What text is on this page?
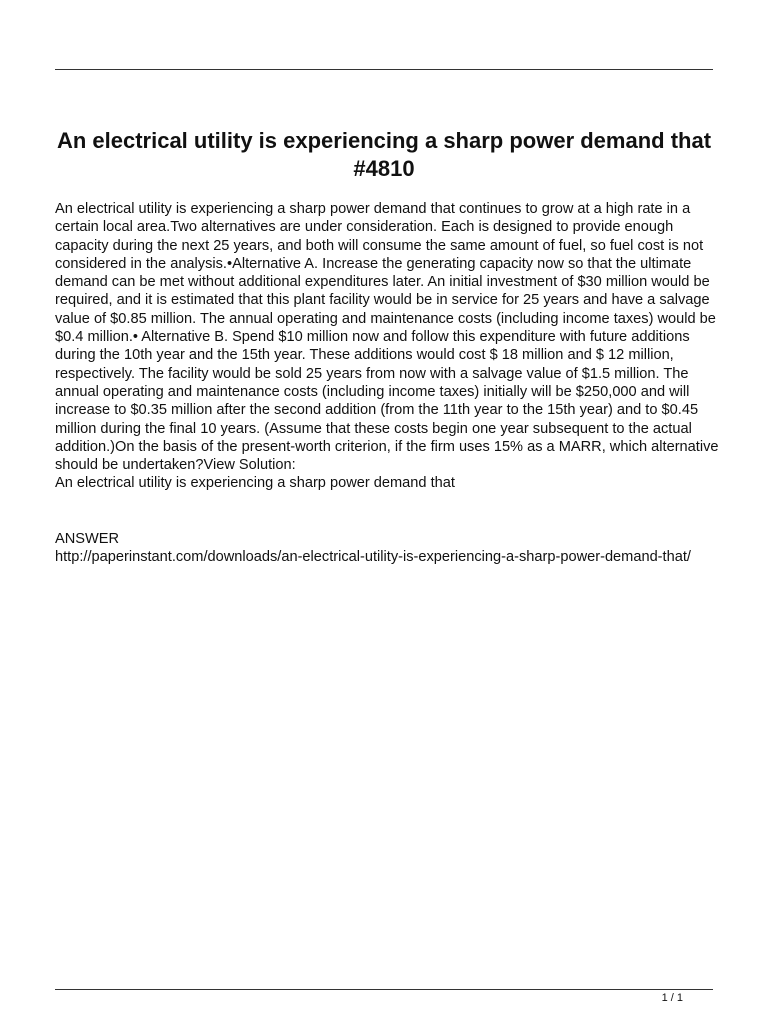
An electrical utility is experiencing a sharp power demand that #4810
An electrical utility is experiencing a sharp power demand that continues to grow at a high rate in a certain local area.Two alternatives are under consideration. Each is designed to provide enough capacity during the next 25 years, and both will consume the same amount of fuel, so fuel cost is not considered in the analysis.•Alternative A. Increase the generating capacity now so that the ultimate demand can be met without additional expenditures later. An initial investment of $30 million would be required, and it is estimated that this plant facility would be in service for 25 years and have a salvage value of $0.85 million. The annual operating and maintenance costs (including income taxes) would be $0.4 million.• Alternative B. Spend $10 million now and follow this expenditure with future additions during the 10th year and the 15th year. These additions would cost $ 18 million and $ 12 million, respectively. The facility would be sold 25 years from now with a salvage value of $1.5 million. The annual operating and maintenance costs (including income taxes) initially will be $250,000 and will increase to $0.35 million after the second addition (from the 11th year to the 15th year) and to $0.45 million during the final 10 years. (Assume that these costs begin one year subsequent to the actual addition.)On the basis of the present-worth criterion, if the firm uses 15% as a MARR, which alternative should be undertaken?View Solution:
An electrical utility is experiencing a sharp power demand that
ANSWER
http://paperinstant.com/downloads/an-electrical-utility-is-experiencing-a-sharp-power-demand-that/
1 / 1
